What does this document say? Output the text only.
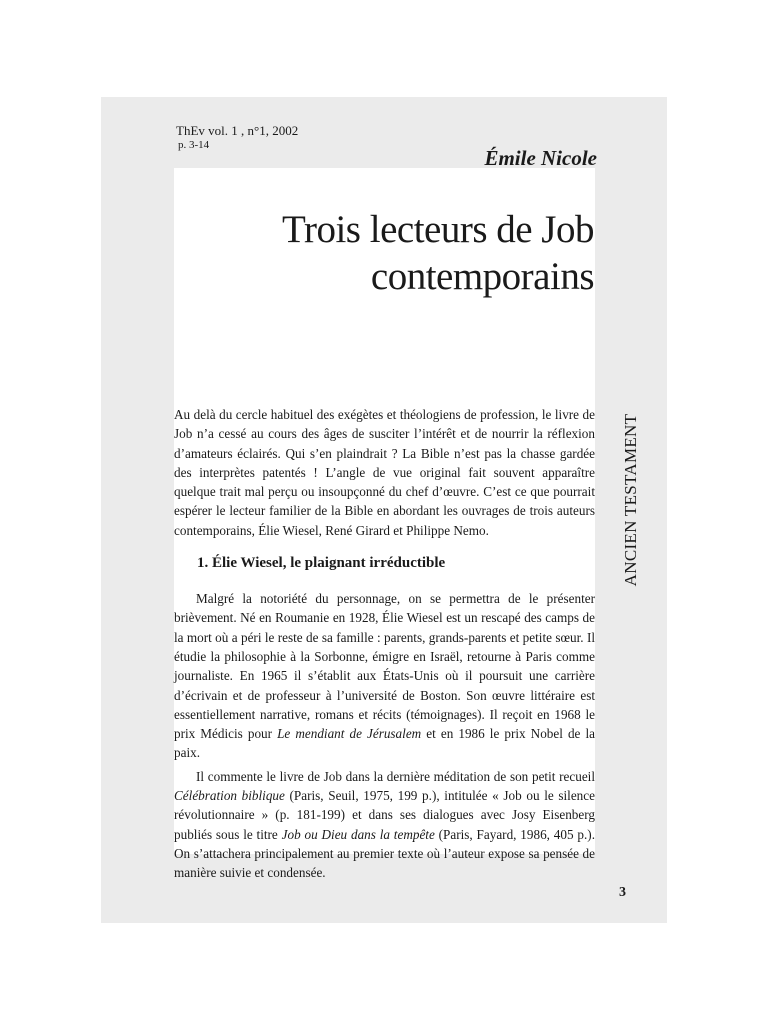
ThEv vol. 1 , n°1, 2002
p. 3-14
Émile Nicole
Trois lecteurs de Job
contemporains

Au delà du cercle habituel des exégètes et théologiens de profession, le livre de Job n’a cessé au cours des âges de susciter l’intérêt et de nourrir la réflexion d’amateurs éclairés. Qui s’en plaindrait ? La Bible n’est pas la chasse gardée des interprètes patentés ! L’angle de vue original fait souvent apparaître quelque trait mal perçu ou insoupçonné du chef d’œuvre. C’est ce que pourrait espérer le lecteur familier de la Bible en abordant les ouvrages de trois auteurs contemporains, Élie Wiesel, René Girard et Philippe Nemo.

1. Élie Wiesel, le plaignant irréductible

Malgré la notoriété du personnage, on se permettra de le présenter brièvement. Né en Roumanie en 1928, Élie Wiesel est un rescapé des camps de la mort où a péri le reste de sa famille : parents, grands-parents et petite sœur. Il étudie la philosophie à la Sorbonne, émigre en Israël, retourne à Paris comme journaliste. En 1965 il s’établit aux États-Unis où il poursuit une carrière d’écrivain et de professeur à l’université de Boston. Son œuvre littéraire est essentiellement narrative, romans et récits (témoignages). Il reçoit en 1968 le prix Médicis pour Le mendiant de Jérusalem et en 1986 le prix Nobel de la paix.

Il commente le livre de Job dans la dernière méditation de son petit recueil Célébration biblique (Paris, Seuil, 1975, 199 p.), intitulée « Job ou le silence révolutionnaire » (p. 181-199) et dans ses dialogues avec Josy Eisenberg publiés sous le titre Job ou Dieu dans la tempête (Paris, Fayard, 1986, 405 p.). On s’attachera principalement au premier texte où l’auteur expose sa pensée de manière suivie et condensée.

ANCIEN TESTAMENT
3
